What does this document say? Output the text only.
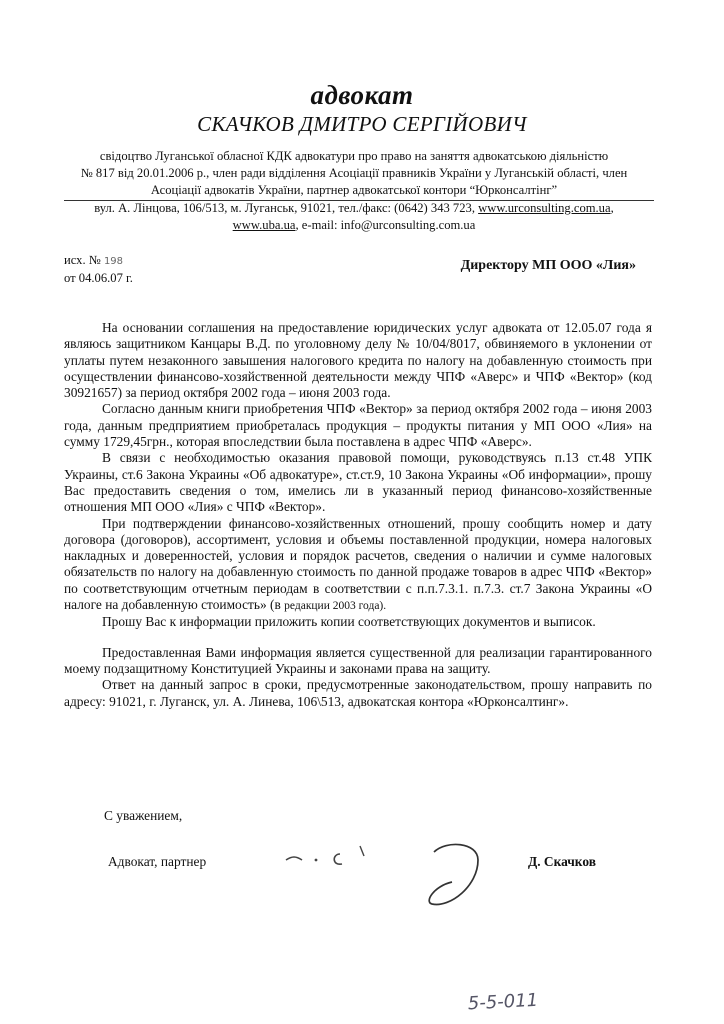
адвокат
СКАЧКОВ ДМИТРО СЕРГІЙОВИЧ
свідоцтво Луганської обласної КДК адвокатури про право на заняття адвокатською діяльністю
№ 817 від 20.01.2006 р., член ради відділення Асоціації правників України у Луганській області, член
Асоціації адвокатів України, партнер адвокатської контори “Юрконсалтінг”
вул. А. Лінцова, 106/513, м. Луганськ, 91021, тел./факс: (0642) 343 723, www.urconsulting.com.ua,
www.uba.ua, e-mail: info@urconsulting.com.ua
исх. № 198
от 04.06.07 г.
Директору МП ООО «Лия»

На основании соглашения на предоставление юридических услуг адвоката от 12.05.07 года я являюсь защитником Канцары В.Д. по уголовному делу № 10/04/8017, обвиняемого в уклонении от уплаты путем незаконного завышения налогового кредита по налогу на добавленную стоимость при осуществлении финансово-хозяйственной деятельности между ЧПФ «Аверс» и ЧПФ «Вектор» (код 30921657) за период октября 2002 года – июня 2003 года.

Согласно данным книги приобретения ЧПФ «Вектор» за период октября 2002 года – июня 2003 года, данным предприятием приобреталась продукция – продукты питания у МП ООО «Лия» на сумму 1729,45грн., которая впоследствии была поставлена в адрес ЧПФ «Аверс».

В связи с необходимостью оказания правовой помощи, руководствуясь п.13 ст.48 УПК Украины, ст.6 Закона Украины «Об адвокатуре», ст.ст.9, 10 Закона Украины «Об информации», прошу Вас предоставить сведения о том, имелись ли в указанный период финансово-хозяйственные отношения МП ООО «Лия» с ЧПФ «Вектор».

При подтверждении финансово-хозяйственных отношений, прошу сообщить номер и дату договора (договоров), ассортимент, условия и объемы поставленной продукции, номера налоговых накладных и доверенностей, условия и порядок расчетов, сведения о наличии и сумме налоговых обязательств по налогу на добавленную стоимость по данной продаже товаров в адрес ЧПФ «Вектор» по соответствующим отчетным периодам в соответствии с п.п.7.3.1. п.7.3. ст.7 Закона Украины «О налоге на добавленную стоимость» (в редакции 2003 года).

Прошу Вас к информации приложить копии соответствующих документов и выписок.

Предоставленная Вами информация является существенной для реализации гарантированного моему подзащитному Конституцией Украины и законами права на защиту.

Ответ на данный запрос в сроки, предусмотренные законодательством, прошу направить по адресу: 91021, г. Луганск, ул. А. Линева, 106\513, адвокатская контора «Юрконсалтинг».

С уважением,
Адвокат, партнер	Д. Скачков
5-5-011
